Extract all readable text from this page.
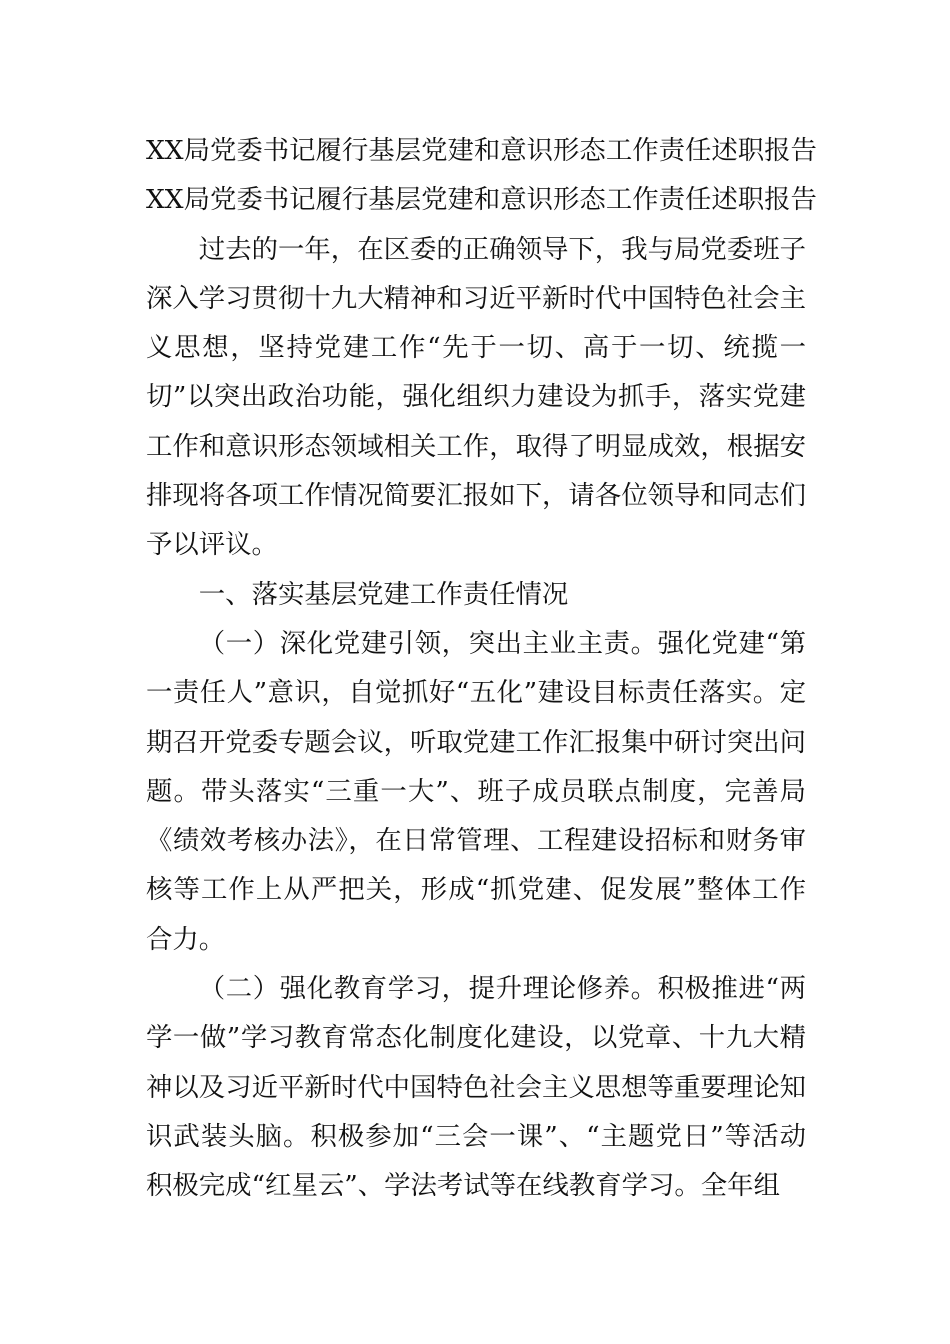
XX局党委书记履行基层党建和意识形态工作责任述职报告
XX局党委书记履行基层党建和意识形态工作责任述职报告

过去的一年，在区委的正确领导下，我与局党委班子深入学习贯彻十九大精神和习近平新时代中国特色社会主义思想，坚持党建工作“先于一切、高于一切、统揽一切”以突出政治功能，强化组织力建设为抓手，落实党建工作和意识形态领域相关工作，取得了明显成效，根据安排现将各项工作情况简要汇报如下，请各位领导和同志们予以评议。

一、落实基层党建工作责任情况

（一）深化党建引领，突出主业主责。强化党建“第一责任人”意识，自觉抓好“五化”建设目标责任落实。定期召开党委专题会议，听取党建工作汇报集中研讨突出问题。带头落实“三重一大”、班子成员联点制度，完善局《绩效考核办法》，在日常管理、工程建设招标和财务审核等工作上从严把关，形成“抓党建、促发展”整体工作合力。

（二）强化教育学习，提升理论修养。积极推进“两学一做”学习教育常态化制度化建设，以党章、十九大精神以及习近平新时代中国特色社会主义思想等重要理论知识武装头脑。积极参加“三会一课”、“主题党日”等活动积极完成“红星云”、学法考试等在线教育学习。全年组
